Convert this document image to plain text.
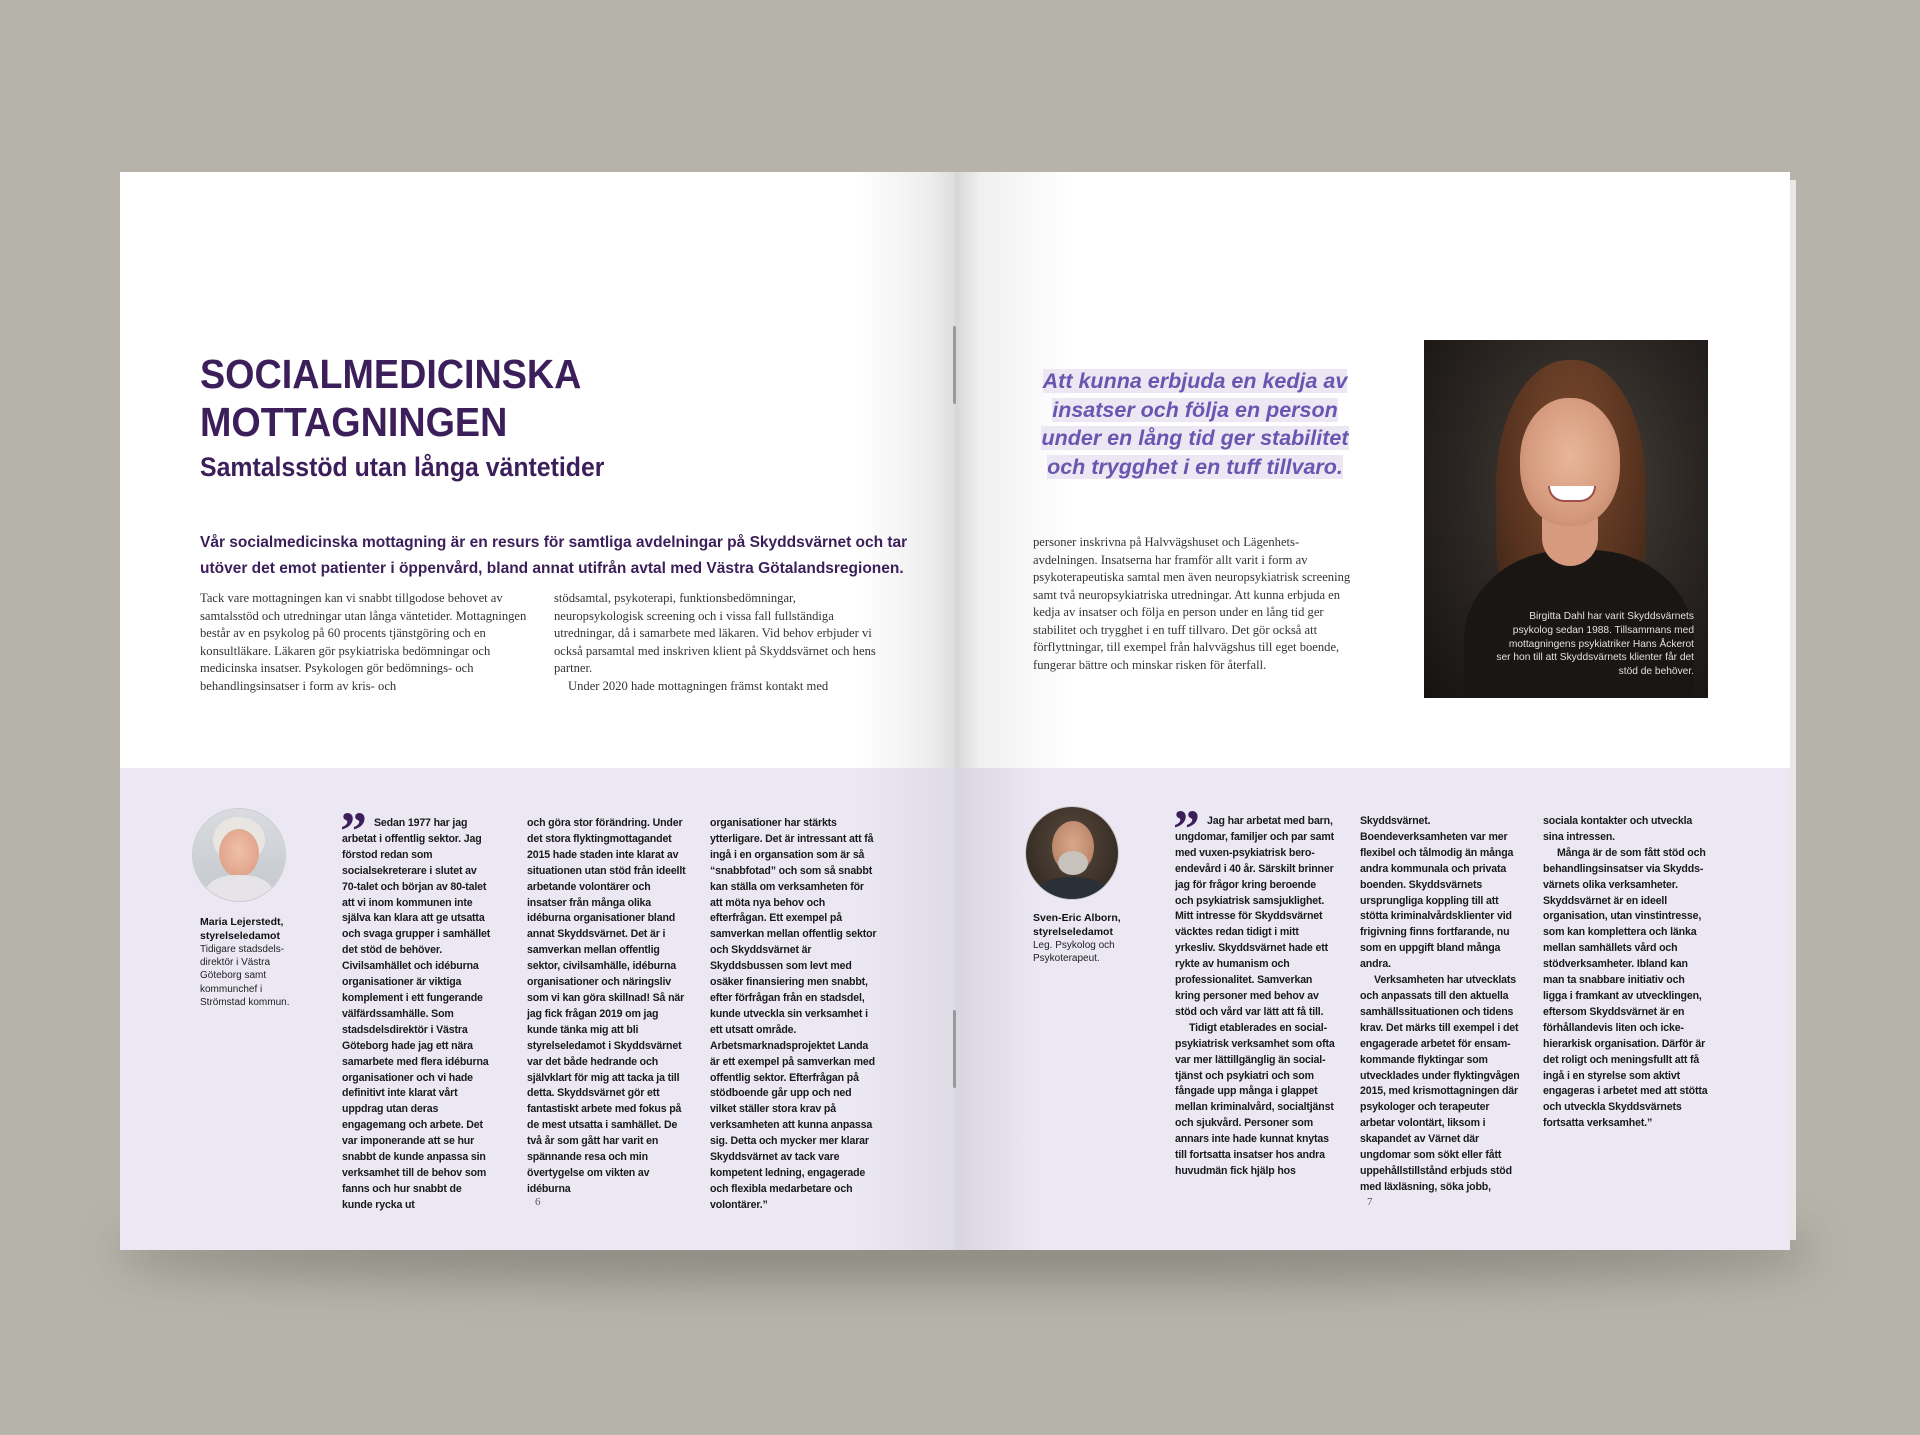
SOCIALMEDICINSKA
MOTTAGNINGEN

Samtalsstöd utan långa väntetider

Vår socialmedicinska mottagning är en resurs för samtliga avdelningar på Skyddsvärnet och tar utöver det emot patienter i öppenvård, bland annat utifrån avtal med Västra Götalandsregionen.

Tack vare mottagningen kan vi snabbt tillgodose behovet av samtalsstöd och utredningar utan långa väntetider. Mottagningen består av en psykolog på 60 procents tjänstgöring och en konsultläkare. Läkaren gör psykiatriska bedömningar och medicinska insatser. Psykologen gör bedömnings- och behandlingsinsatser i form av kris- och

stödsamtal, psykoterapi, funktionsbedömningar, neuropsykologisk screening och i vissa fall fullständiga utredningar, då i samarbete med läkaren. Vid behov erbjuder vi också parsamtal med inskriven klient på Skyddsvärnet och hens partner.
Under 2020 hade mottagningen främst kontakt med

Maria Lejerstedt,
styrelseledamot

Tidigare stadsdelsdirektör i Västra Göteborg samt kommunchef i Strömstad kommun.

” Sedan 1977 har jag arbetat i offentlig sektor. Jag förstod redan som socialsekreterare i slutet av 70-talet och början av 80-talet att vi inom kommunen inte själva kan klara att ge utsatta och svaga grupper i samhället det stöd de behöver. Civilsamhället och idéburna organisationer är viktiga komplement i ett fungerande välfärdssamhälle. Som stadsdelsdirektör i Västra Göteborg hade jag ett nära samarbete med flera idéburna organisationer och vi hade definitivt inte klarat vårt uppdrag utan deras engagemang och arbete. Det var imponerande att se hur snabbt de kunde anpassa sin verksamhet till de behov som fanns och hur snabbt de kunde rycka ut

och göra stor förändring. Under det stora flyktingmottagandet 2015 hade staden inte klarat av situationen utan stöd från ideellt arbetande volontärer och insatser från många olika idéburna organisationer bland annat Skyddsvärnet. Det är i samverkan mellan offentlig sektor, civilsamhälle, idéburna organisationer och näringsliv som vi kan göra skillnad! Så när jag fick frågan 2019 om jag kunde tänka mig att bli styrelseledamot i Skyddsvärnet var det både hedrande och självklart för mig att tacka ja till detta. Skyddsvärnet gör ett fantastiskt arbete med fokus på de mest utsatta i samhället. De två år som gått har varit en spännande resa och min övertygelse om vikten av idéburna

organisationer har stärkts ytterligare. Det är intressant att få ingå i en organsation som är så “snabbfotad” och som så snabbt kan ställa om verksamheten för att möta nya behov och efterfrågan. Ett exempel på samverkan mellan offentlig sektor och Skyddsvärnet är Skyddsbussen som levt med osäker finansiering men snabbt, efter förfrågan från en stadsdel, kunde utveckla sin verksamhet i ett utsatt område. Arbetsmarknadsprojektet Landa är ett exempel på samverkan med offentlig sektor. Efterfrågan på stödboende går upp och ned vilket ställer stora krav på verksamheten att kunna anpassa sig. Detta och mycker mer klarar Skyddsvärnet av tack vare kompetent ledning, engagerade och flexibla medarbetare och volontärer.”

6

Att kunna erbjuda en kedja av insatser och följa en person under en lång tid ger stabilitet och trygghet i en tuff tillvaro.

personer inskrivna på Halvvägshuset och Lägenhetsavdelningen. Insatserna har framför allt varit i form av psykoterapeutiska samtal men även neuropsykiatrisk screening samt två neuropsykiatriska utredningar. Att kunna erbjuda en kedja av insatser och följa en person under en lång tid ger stabilitet och trygghet i en tuff tillvaro. Det gör också att förflyttningar, till exempel från halvvägshus till eget boende, fungerar bättre och minskar risken för återfall.

Birgitta Dahl har varit Skyddsvärnets psykolog sedan 1988. Tillsammans med mottagningens psykiatriker Hans Åckerot ser hon till att Skyddsvärnets klienter får det stöd de behöver.

Sven-Eric Alborn,
styrelseledamot

Leg. Psykolog och Psykoterapeut.

” Jag har arbetat med barn, ungdomar, familjer och par samt med vuxen-psykiatrisk beroendevård i 40 år. Särskilt brinner jag för frågor kring beroende och psykiatrisk samsjuklighet. Mitt intresse för Skyddsvärnet väcktes redan tidigt i mitt yrkesliv. Skyddsvärnet hade ett rykte av humanism och professionalitet. Samverkan kring personer med behov av stöd och vård var lätt att få till.
Tidigt etablerades en socialpsykiatrisk verksamhet som ofta var mer lättillgänglig än socialtjänst och psykiatri och som fångade upp många i glappet mellan kriminalvård, socialtjänst och sjukvård. Personer som annars inte hade kunnat knytas till fortsatta insatser hos andra huvudmän fick hjälp hos
Skyddsvärnet. Boendeverksamheten var mer flexibel och tålmodig än många andra kommunala och privata boenden. Skyddsvärnets ursprungliga koppling till att stötta kriminalvårdsklienter vid frigivning finns fortfarande, nu som en uppgift bland många andra.
Verksamheten har utvecklats och anpassats till den aktuella samhällssituationen och tidens krav. Det märks till exempel i det engagerade arbetet för ensamkommande flyktingar som utvecklades under flyktingvågen 2015, med krismottagningen där psykologer och terapeuter arbetar volontärt, liksom i skapandet av Värnet där ungdomar som sökt eller fått uppehållstillstånd erbjuds stöd med läxläsning, söka jobb,
sociala kontakter och utveckla sina intressen.
Många är de som fått stöd och behandlingsinsatser via Skyddsvärnets olika verksamheter. Skyddsvärnet är en ideell organisation, utan vinstintresse, som kan komplettera och länka mellan samhällets vård och stödverksamheter. Ibland kan man ta snabbare initiativ och ligga i framkant av utvecklingen, eftersom Skyddsvärnet är en förhållandevis liten och ickehierarkisk organisation. Därför är det roligt och meningsfullt att få ingå i en styrelse som aktivt engageras i arbetet med att stötta och utveckla Skyddsvärnets fortsatta verksamhet.”

7
